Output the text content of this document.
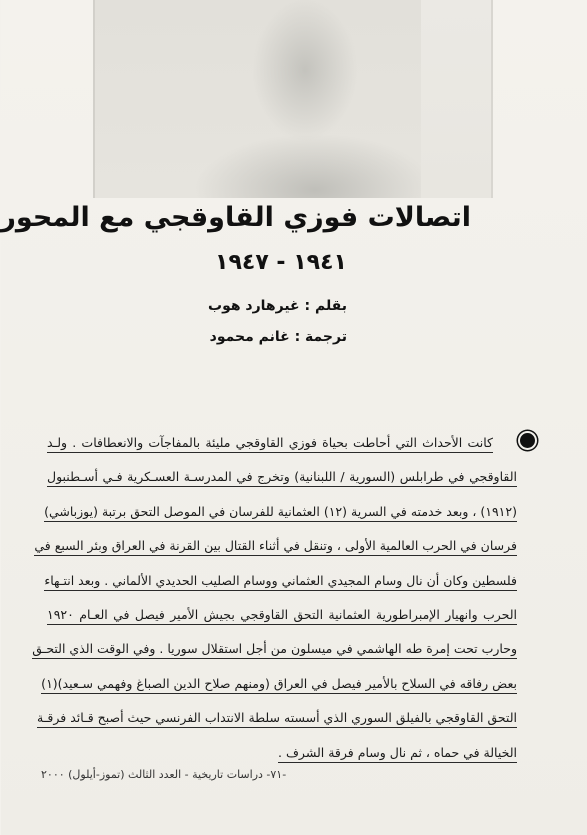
اتصالات فوزي القاوقجي مع المحور
١٩٤١ - ١٩٤٧

بقلم : غيرهارد هوب

ترجمة : غانم محمود

كانت الأحداث التي أحاطت بحياة فوزي القاوقجي مليئة بالمفاجآت والانعطافات . ولـد
القاوقجي في طرابلس (السورية / اللبنانية) وتخرج في المدرسـة العسـكرية فـي أسـطنبول
(١٩١٢) ، وبعد خدمته في السرية (١٢) العثمانية للفرسان في الموصل التحق برتبة (يوزباشي)
فرسان في الحرب العالمية الأولى ، وتنقل في أثناء القتال بين القرنة في العراق وبئر السبع في
فلسطين وكان أن نال وسام المجيدي العثماني ووسام الصليب الحديدي الألماني . وبعد انتـهاء
الحرب وانهيار الإمبراطورية العثمانية التحق القاوقجي بجيش الأمير فيصل في العـام ١٩٢٠
وحارب تحت إمرة طه الهاشمي في ميسلون من أجل استقلال سوريا . وفي الوقت الذي التحـق
بعض رفاقه في السلاح بالأمير فيصل في العراق (ومنهم صلاح الدين الصباغ وفهمي سـعيد)(١)
التحق القاوقجي بالفيلق السوري الذي أسسته سلطة الانتداب الفرنسي حيث أصبح قـائد فرقـة
الخيالة في حماه ، ثم نال وسام فرقة الشرف .

-٧١- دراسات تاريخية - العدد الثالث (تموز-أيلول) ٢٠٠٠
